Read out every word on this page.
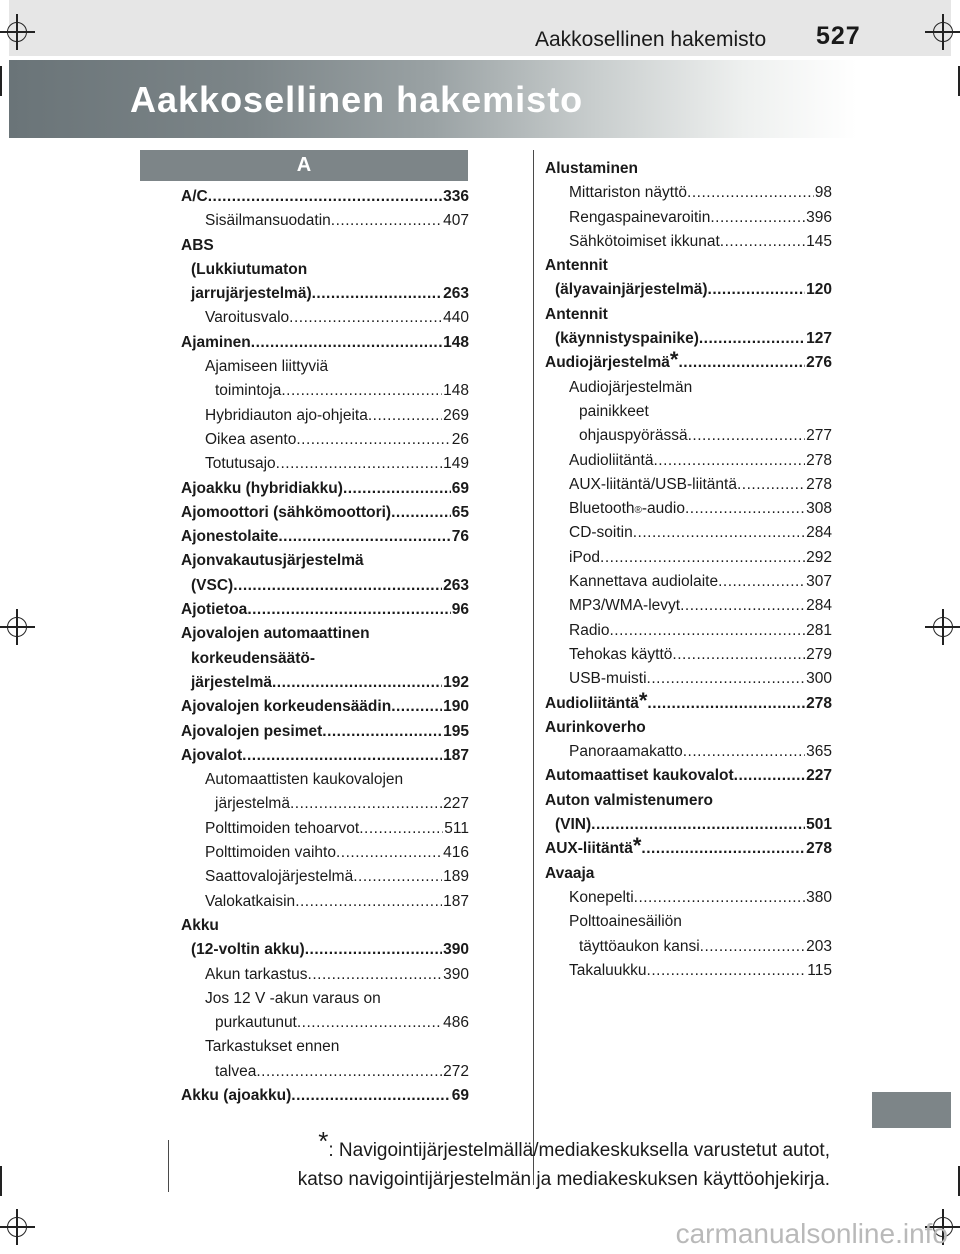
Aakkosellinen hakemisto 527
Aakkosellinen hakemisto
A
A/C .....	336
Sisäilmansuodatin .....	407
ABS
(Lukkiutumaton
jarrujärjestelmä) .....	263
Varoitusvalo .....	440
Ajaminen .....	148
Ajamiseen liittyviä
toimintoja .....	148
Hybridiauton ajo-ohjeita .....	269
Oikea asento .....	26
Totutusajo .....	149
Ajoakku (hybridiakku) .....	69
Ajomoottori (sähkömoottori) .....	65
Ajonestolaite .....	76
Ajonvakautusjärjestelmä
(VSC) .....	263
Ajotietoa .....	96
Ajovalojen automaattinen
korkeudensäätö-
järjestelmä .....	192
Ajovalojen korkeudensäädin .....	190
Ajovalojen pesimet .....	195
Ajovalot .....	187
Automaattisten kaukovalojen
järjestelmä .....	227
Polttimoiden tehoarvot .....	511
Polttimoiden vaihto .....	416
Saattovalojärjestelmä .....	189
Valokatkaisin .....	187
Akku
(12-voltin akku) .....	390
Akun tarkastus .....	390
Jos 12 V -akun varaus on
purkautunut .....	486
Tarkastukset ennen
talvea .....	272
Akku (ajoakku) .....	69
Alustaminen
Mittariston näyttö .....	98
Rengaspainevaroitin .....	396
Sähkötoimiset ikkunat .....	145
Antennit
(älyavainjärjestelmä) .....	120
Antennit
(käynnistyspainike) .....	127
Audiojärjestelmä * .....	276
Audiojärjestelmän
painikkeet
ohjauspyörässä .....	277
Audioliitäntä .....	278
AUX-liitäntä/USB-liitäntä .....	278
Bluetooth ® -audio .....	308
CD-soitin .....	284
iPod .....	292
Kannettava audiolaite .....	307
MP3/WMA-levyt .....	284
Radio .....	281
Tehokas käyttö .....	279
USB-muisti .....	300
Audioliitäntä * .....	278
Aurinkoverho
Panoraamakatto .....	365
Automaattiset kaukovalot .....	227
Auton valmistenumero
(VIN) .....	501
AUX-liitäntä * .....	278
Avaaja
Konepelti .....	380
Polttoainesäiliön
täyttöaukon kansi .....	203
Takaluukku .....	115
*: Navigointijärjestelmällä/mediakeskuksella varustetut autot,
katso navigointijärjestelmän ja mediakeskuksen käyttöohjekirja.
carmanualsonline.info
